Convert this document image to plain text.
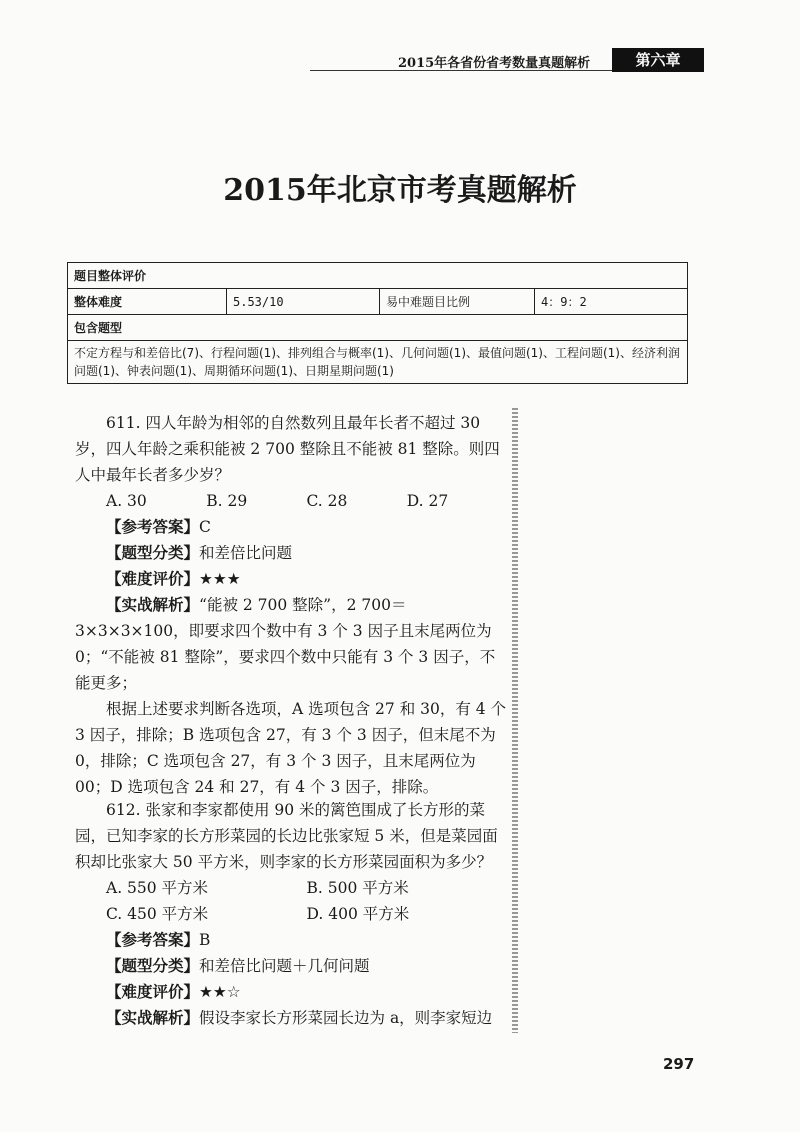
2015年各省份省考数量真题解析	第六章
2015年北京市考真题解析
题目整体评价
整体难度	5.53/10	易中难题目比例	4：9：2
包含题型
不定方程与和差倍比(7)、行程问题(1)、排列组合与概率(1)、几何问题(1)、最值问题(1)、工程问题(1)、经济利润问题(1)、钟表问题(1)、周期循环问题(1)、日期星期问题(1)

611. 四人年龄为相邻的自然数列且最年长者不超过 30 岁，四人年龄之乘积能被 2 700 整除且不能被 81 整除。则四人中最年长者多少岁？

A. 30	B. 29	C. 28	D. 27

【参考答案】C

【题型分类】和差倍比问题

【难度评价】★★★

【实战解析】“能被 2 700 整除”，2 700＝3×3×3×100，即要求四个数中有 3 个 3 因子且末尾两位为 0；“不能被 81 整除”，要求四个数中只能有 3 个 3 因子，不能更多；

根据上述要求判断各选项，A 选项包含 27 和 30，有 4 个 3 因子，排除；B 选项包含 27，有 3 个 3 因子，但末尾不为 0，排除；C 选项包含 27，有 3 个 3 因子，且末尾两位为 00；D 选项包含 24 和 27，有 4 个 3 因子，排除。

612. 张家和李家都使用 90 米的篱笆围成了长方形的菜园，已知李家的长方形菜园的长边比张家短 5 米，但是菜园面积却比张家大 50 平方米，则李家的长方形菜园面积为多少？

A. 550 平方米	B. 500 平方米
C. 450 平方米	D. 400 平方米

【参考答案】B

【题型分类】和差倍比问题＋几何问题

【难度评价】★★☆

【实战解析】假设李家长方形菜园长边为 a，则李家短边

297
